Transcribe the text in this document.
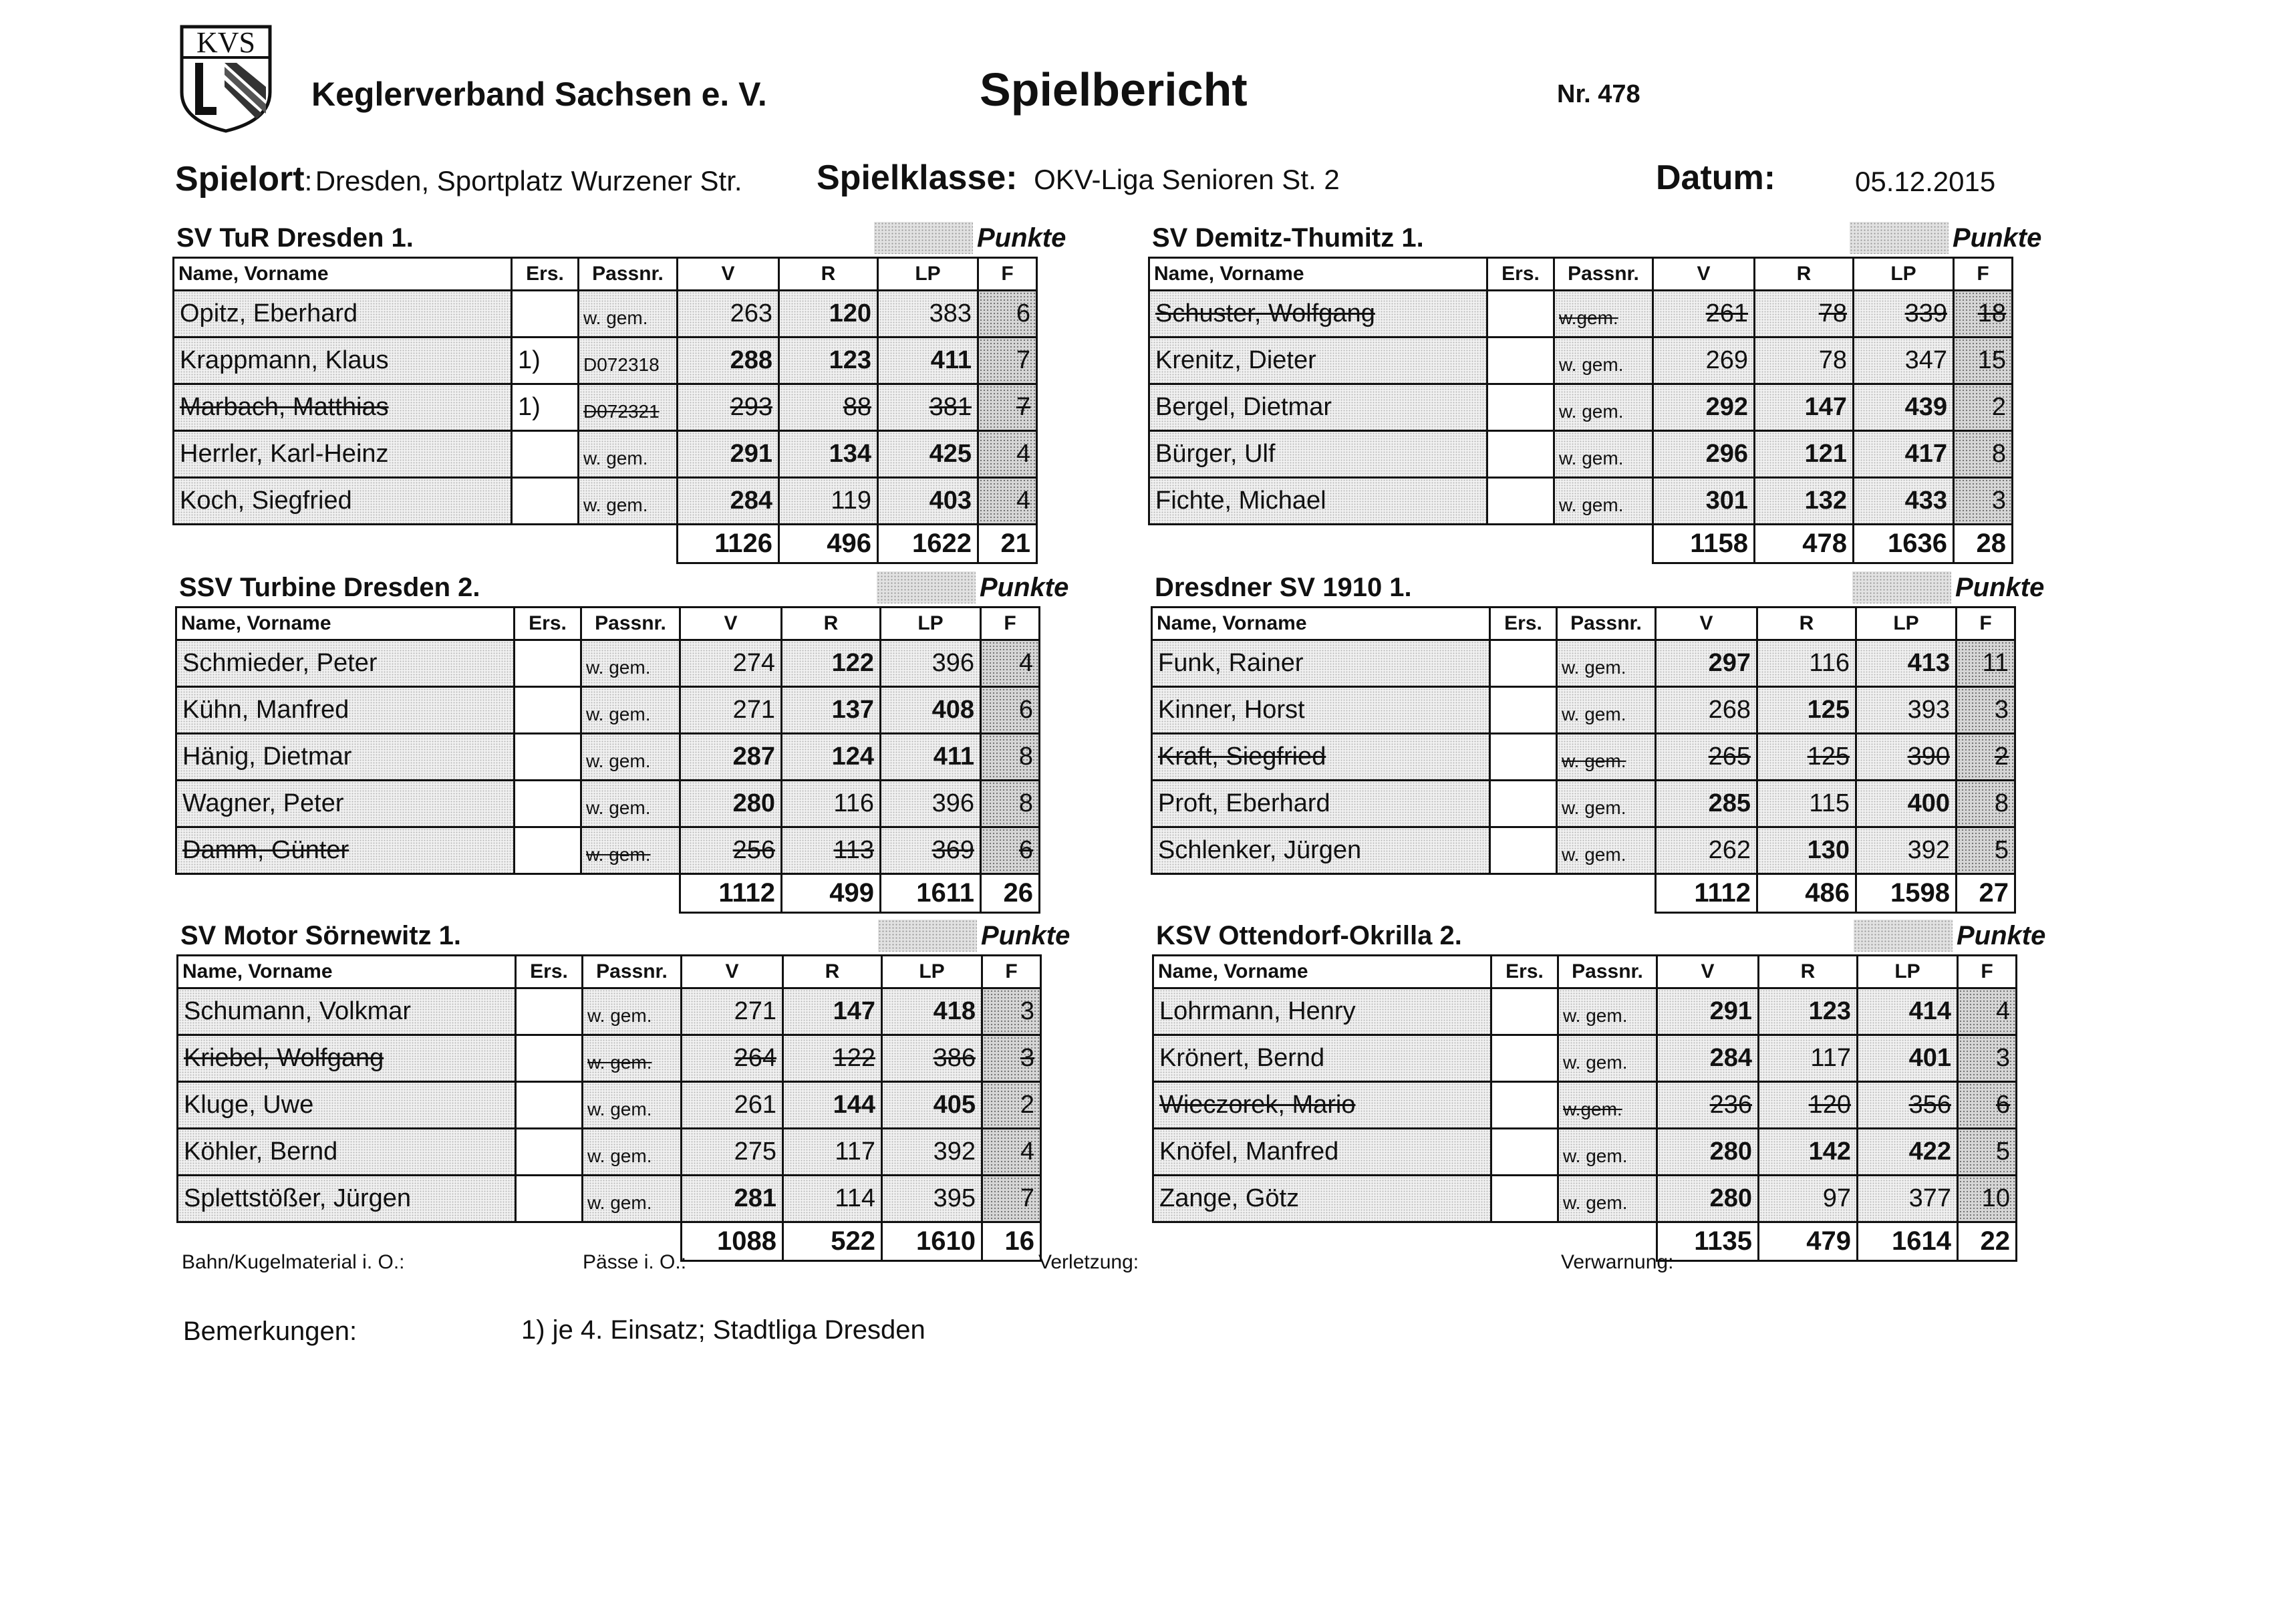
KVS
Keglerverband Sachsen e. V.	Spielbericht	Nr. 478
Spielort: Dresden, Sportplatz Wurzener Str. Spielklasse: OKV-Liga Senioren St. 2	Datum:	05.12.2015
SV TuR Dresden 1.	Punkte
Name, Vorname	Ers.	Passnr.	V	R	LP	F
Opitz, Eberhard		w. gem.	263	120	383	6
Krappmann, Klaus	1)	D072318	288	123	411	7
Marbach, Matthias	1)	D072321	293	88	381	7
Herrler, Karl-Heinz		w. gem.	291	134	425	4
Koch, Siegfried		w. gem.	284	119	403	4
			1126	496	1622	21
SV Demitz-Thumitz 1.	Punkte
Name, Vorname	Ers.	Passnr.	V	R	LP	F
Schuster, Wolfgang		w.gem.	261	78	339	18
Krenitz, Dieter		w. gem.	269	78	347	15
Bergel, Dietmar		w. gem.	292	147	439	2
Bürger, Ulf		w. gem.	296	121	417	8
Fichte, Michael		w. gem.	301	132	433	3
			1158	478	1636	28
SSV Turbine Dresden 2.	Punkte
Name, Vorname	Ers.	Passnr.	V	R	LP	F
Schmieder, Peter		w. gem.	274	122	396	4
Kühn, Manfred		w. gem.	271	137	408	6
Hänig, Dietmar		w. gem.	287	124	411	8
Wagner, Peter		w. gem.	280	116	396	8
Damm, Günter		w. gem.	256	113	369	6
			1112	499	1611	26
Dresdner SV 1910 1.	Punkte
Name, Vorname	Ers.	Passnr.	V	R	LP	F
Funk, Rainer		w. gem.	297	116	413	11
Kinner, Horst		w. gem.	268	125	393	3
Kraft, Siegfried		w. gem.	265	125	390	2
Proft, Eberhard		w. gem.	285	115	400	8
Schlenker, Jürgen		w. gem.	262	130	392	5
			1112	486	1598	27
SV Motor Sörnewitz 1.	Punkte
Name, Vorname	Ers.	Passnr.	V	R	LP	F
Schumann, Volkmar		w. gem.	271	147	418	3
Kriebel, Wolfgang		w. gem.	264	122	386	3
Kluge, Uwe		w. gem.	261	144	405	2
Köhler, Bernd		w. gem.	275	117	392	4
Splettstößer, Jürgen		w. gem.	281	114	395	7
			1088	522	1610	16
KSV Ottendorf-Okrilla 2.	Punkte
Name, Vorname	Ers.	Passnr.	V	R	LP	F
Lohrmann, Henry		w. gem.	291	123	414	4
Krönert, Bernd		w. gem.	284	117	401	3
Wieczorek, Mario		w.gem.	236	120	356	6
Knöfel, Manfred		w. gem.	280	142	422	5
Zange, Götz		w. gem.	280	97	377	10
			1135	479	1614	22
Bahn/Kugelmaterial i. O.:	Pässe i. O.:	Verletzung:	Verwarnung:
Bemerkungen:	1) je 4. Einsatz; Stadtliga Dresden
